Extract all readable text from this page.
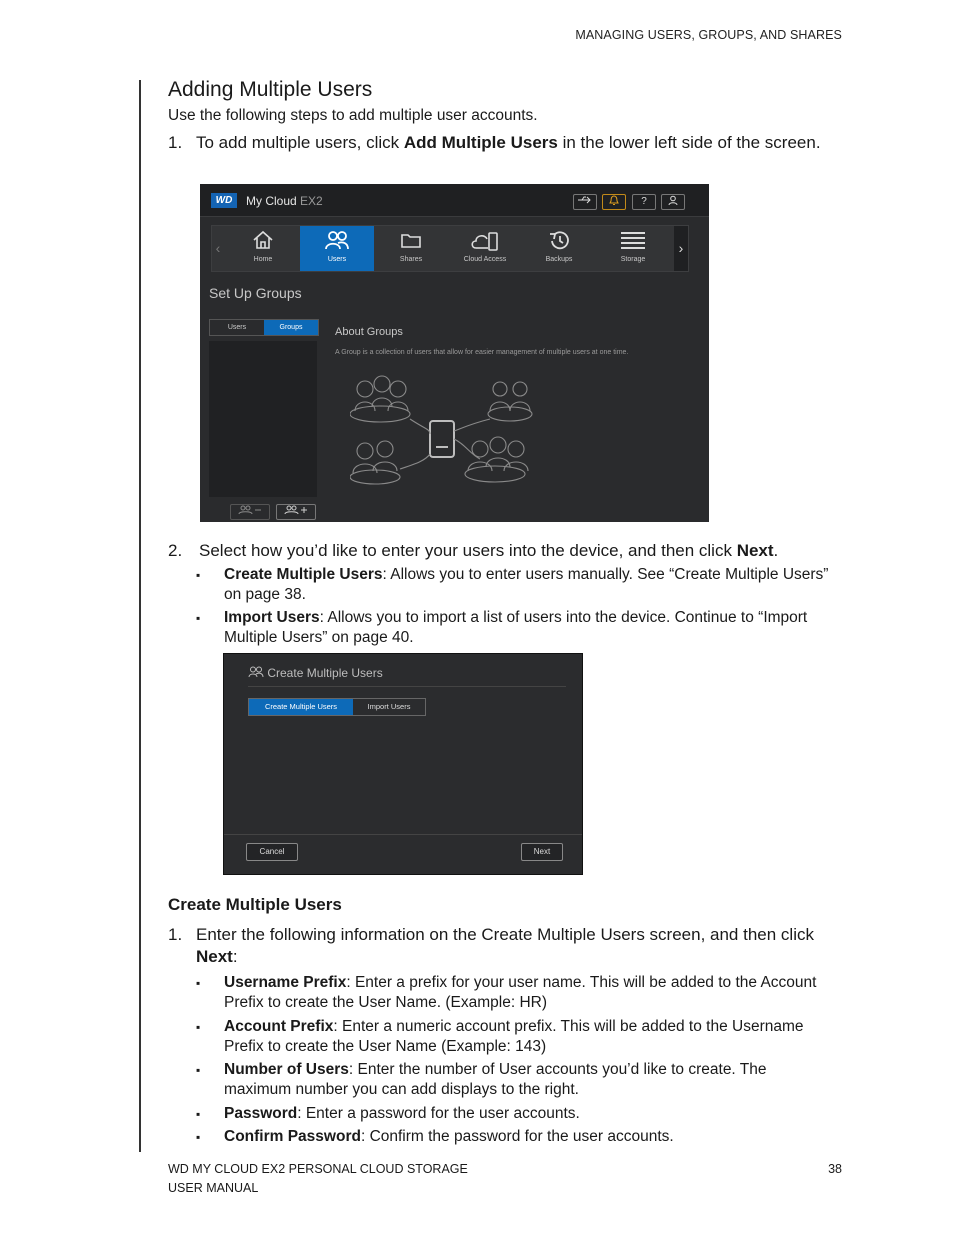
MANAGING USERS, GROUPS, AND SHARES
Adding Multiple Users
Use the following steps to add multiple user accounts.
1. To add multiple users, click Add Multiple Users in the lower left side of the screen.
WD	My Cloud EX2	?
‹
Home	Users	Shares	Cloud Access	Backups	Storage
›
Set Up Groups
Users	Groups	About Groups
A Group is a collection of users that allow for easier management of multiple users at one time.
2. Select how you’d like to enter your users into the device, and then click Next.
▪ Create Multiple Users: Allows you to enter users manually. See “Create Multiple Users” on page 38.
▪ Import Users: Allows you to import a list of users into the device. Continue to “Import Multiple Users” on page 40.
Create Multiple Users
Create Multiple Users	Import Users
Cancel	Next
Create Multiple Users
1. Enter the following information on the Create Multiple Users screen, and then click Next:
▪ Username Prefix: Enter a prefix for your user name. This will be added to the Account Prefix to create the User Name. (Example: HR)
▪ Account Prefix: Enter a numeric account prefix. This will be added to the Username Prefix to create the User Name (Example: 143)
▪ Number of Users: Enter the number of User accounts you’d like to create. The maximum number you can add displays to the right.
▪ Password: Enter a password for the user accounts.
▪ Confirm Password: Confirm the password for the user accounts.
WD MY CLOUD EX2 PERSONAL CLOUD STORAGE
USER MANUAL
38
